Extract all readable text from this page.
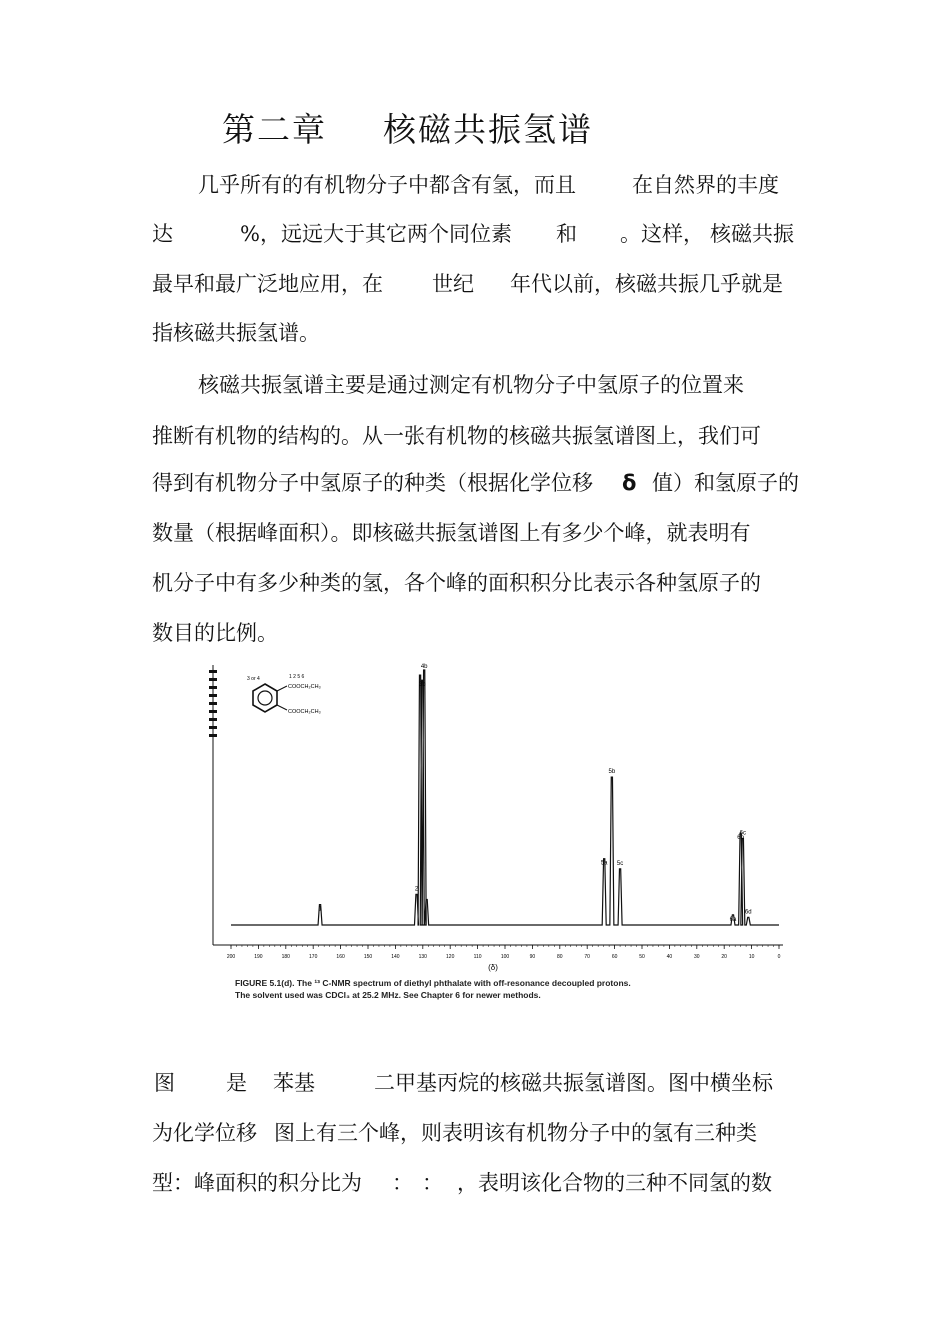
第二章 核磁共振氢谱
几乎所有的有机物分子中都含有氢，而且	在自然界的丰度
达	%，远远大于其它两个同位素 和 。这样， 核磁共振
最早和最广泛地应用，在 世纪 年代以前，核磁共振几乎就是
指核磁共振氢谱。
核磁共振氢谱主要是通过测定有机物分子中氢原子的位置来
推断有机物的结构的。从一张有机物的核磁共振氢谱图上，我们可
得到有机物分子中氢原子的种类（根据化学位移 δ 值）和氢原子的
数量（根据峰面积）。即核磁共振氢谱图上有多少个峰，就表明有
机分子中有多少种类的氢，各个峰的面积积分比表示各种氢原子的
数目的比例。
200	190	180	170	160	150	140	130	120	110	100	90	80	70	60	50	40	30	20	10	0
4b
3b
2
1
5b
5a 5c
6b
6c
6a
6d
3 or 4	1 2 5 6
COOCH₂CH₃
COOCH₂CH₃
(δ)
FIGURE 5.1(d). The ¹³ C-NMR spectrum of diethyl phthalate with off-resonance decoupled protons.
The solvent used was CDCl₃ at 25.2 MHz. See Chapter 6 for newer methods.
图 是 苯基	二甲基丙烷的核磁共振氢谱图。图中横坐标
为化学位移 图上有三个峰，则表明该有机物分子中的氢有三种类
型：峰面积的积分比为 ： ： ，表明该化合物的三种不同氢的数
